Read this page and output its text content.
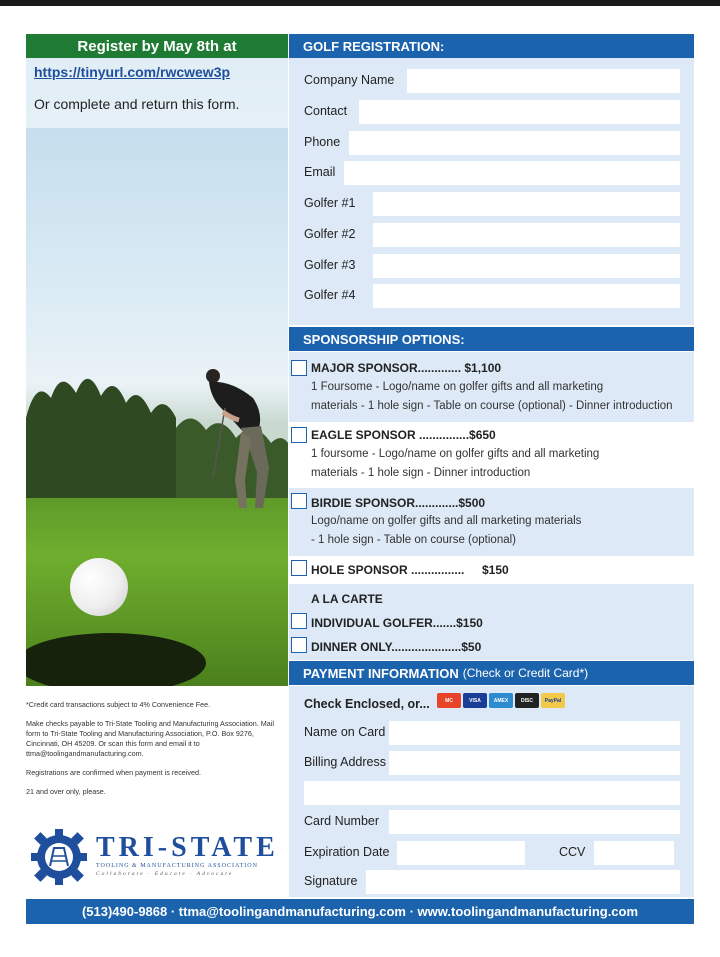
Register by May 8th at
https://tinyurl.com/rwcwew3p
Or complete and return this form.

*Credit card transactions subject to 4% Convenience Fee.

Make checks payable to Tri-State Tooling and Manufacturing Association. Mail form to Tri-State Tooling and Manufacturing Association, P.O. Box 9276, Cincinnati, OH 45209. Or scan this form and email it to ttma@toolingandmanufacturing.com.

Registrations are confirmed when payment is received.

21 and over only, please.

TRI-STATE
TOOLING & MANUFACTURING ASSOCIATION
Collaborate · Educate · Advocate
GOLF REGISTRATION:
Company Name
Contact
Phone
Email
Golfer #1
Golfer #2
Golfer #3
Golfer #4
SPONSORSHIP OPTIONS:
MAJOR SPONSOR............. $1,100
1 Foursome - Logo/name on golfer gifts and all marketing
materials - 1 hole sign - Table on course (optional) - Dinner introduction
EAGLE SPONSOR ...............$650
1 foursome - Logo/name on golfer gifts and all marketing
materials - 1 hole sign - Dinner introduction
BIRDIE SPONSOR.............$500
Logo/name on golfer gifts and all marketing materials
- 1 hole sign - Table on course (optional)
HOLE SPONSOR ................ $150
A LA CARTE
INDIVIDUAL GOLFER.......$150
DINNER ONLY.....................$50
PAYMENT INFORMATION (Check or Credit Card*)
Check Enclosed, or...	MC	VISA	AMEX	DISC	PayPal
Name on Card
Billing Address
Card Number
Expiration Date	CCV
Signature
(513)490-9868 · ttma@toolingandmanufacturing.com · www.toolingandmanufacturing.com
